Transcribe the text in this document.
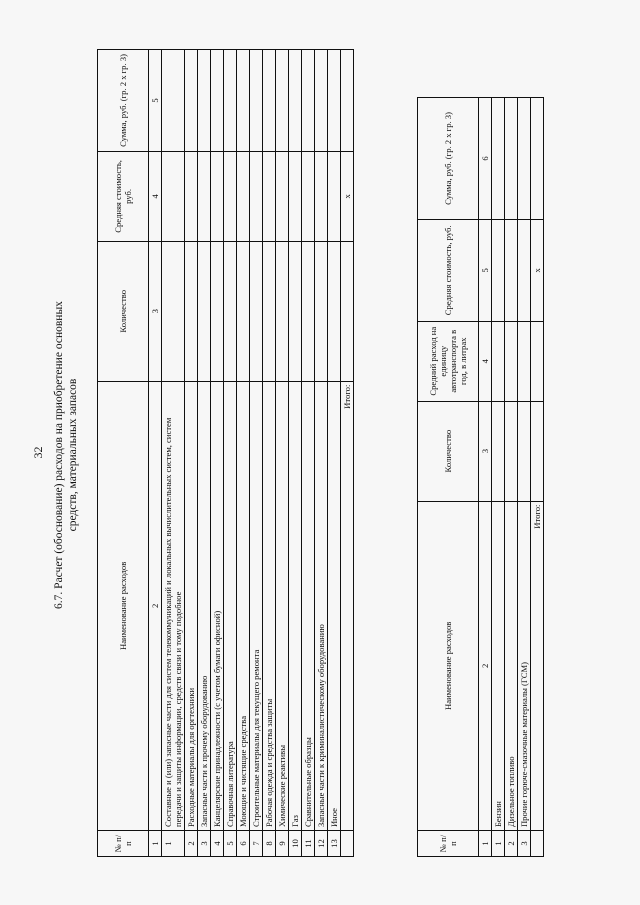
32 6.7. Расчет (обоснование) расходов на приобретение основных средств, материальных запасов
№ п/п	Наименование расходов	Количество	Средняя стоимость, руб.	Сумма, руб. (гр. 2 х гр. 3)
1	2	3	4	5
1	Составные и (или) запасные части для систем телекоммуникаций и локальных вычислительных систем, систем передачи и защиты информации, средств связи и тому подобное			
2	Расходные материалы для оргтехники			
3	Запасные части к прочему оборудованию			
4	Канцелярские принадлежности (с учетом бумаги офисной)			
5	Справочная литература			
6	Моющие и чистящие средства			
7	Строительные материалы для текущего ремонта			
8	Рабочая одежда и средства защиты			
9	Химические реактивы			
10	Газ			
11	Сравнительные образцы			
12	Запасные части к криминалистическому оборудованию			
13	Иное			
	Итого:		x	
№ п/п	Наименование расходов	Количество	Средний расход на единицу автотранспорта в год, в литрах	Средняя стоимость, руб.	Сумма, руб. (гр. 2 х гр. 3)
1	2	3	4	5	6
1	Бензин				
2	Дизельное топливо				
3	Прочие горюче-смазочные материалы (ГСМ)				
	Итого:			x	
